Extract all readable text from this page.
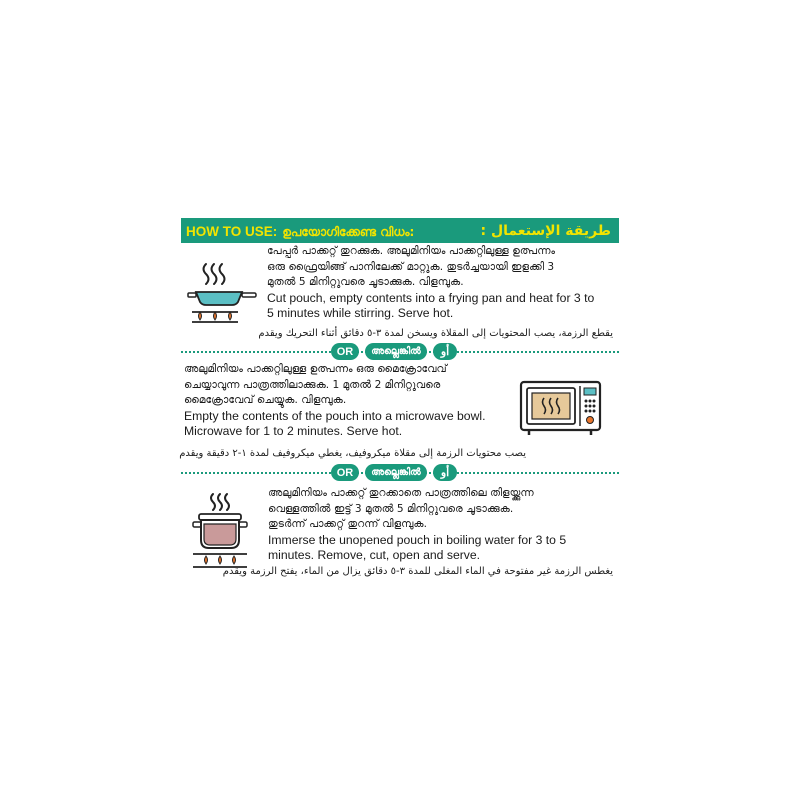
HOW TO USE: ഉപയോഗിക്കേണ്ട വിധം:	طريقة الإستعمال :
പേപ്പർ പാക്കറ്റ് തുറക്കുക. അലുമിനിയം പാക്കറ്റിലുള്ള ഉത്പന്നം
ഒരു ഫ്രൈയിങ്ങ് പാനിലേക്ക് മാറ്റുക. തുടർച്ചയായി ഇളക്കി 3
മുതൽ 5 മിനിറ്റുവരെ ചൂടാക്കുക. വിളമ്പുക.
Cut pouch, empty contents into a frying pan and heat for 3 to
5 minutes while stirring. Serve hot.
يقطع الرزمة، يصب المحتويات إلى المقلاة ويسخن لمدة ٣-٥ دقائق أثناء التحريك ويقدم
OR	അല്ലെങ്കിൽ	أو
അലുമിനിയം പാക്കറ്റിലുള്ള ഉത്പന്നം ഒരു മൈക്രോവേവ്
ചെയ്യാവുന്ന പാത്രത്തിലാക്കുക. 1 മുതൽ 2 മിനിറ്റുവരെ
മൈക്രോവേവ് ചെയ്യുക. വിളമ്പുക.
Empty the contents of the pouch into a microwave bowl.
Microwave for 1 to 2 minutes. Serve hot.
يصب محتويات الرزمة إلى مقلاة ميكروفيف، يغطي ميكروفيف لمدة ١-٢ دقيقة ويقدم
OR	അല്ലെങ്കിൽ	أو
അലുമിനിയം പാക്കറ്റ് തുറക്കാതെ പാത്രത്തിലെ തിളയ്ക്കുന്ന
വെള്ളത്തിൽ ഇട്ട് 3 മുതൽ 5 മിനിറ്റുവരെ ചൂടാക്കുക.
തുടർന്ന് പാക്കറ്റ് തുറന്ന് വിളമ്പുക.
Immerse the unopened pouch in boiling water for 3 to 5
minutes. Remove, cut, open and serve.
يغطس الرزمة غير مفتوحة في الماء المغلى للمدة ٣-٥ دقائق يزال من الماء، يفتح الرزمة ويقدم
